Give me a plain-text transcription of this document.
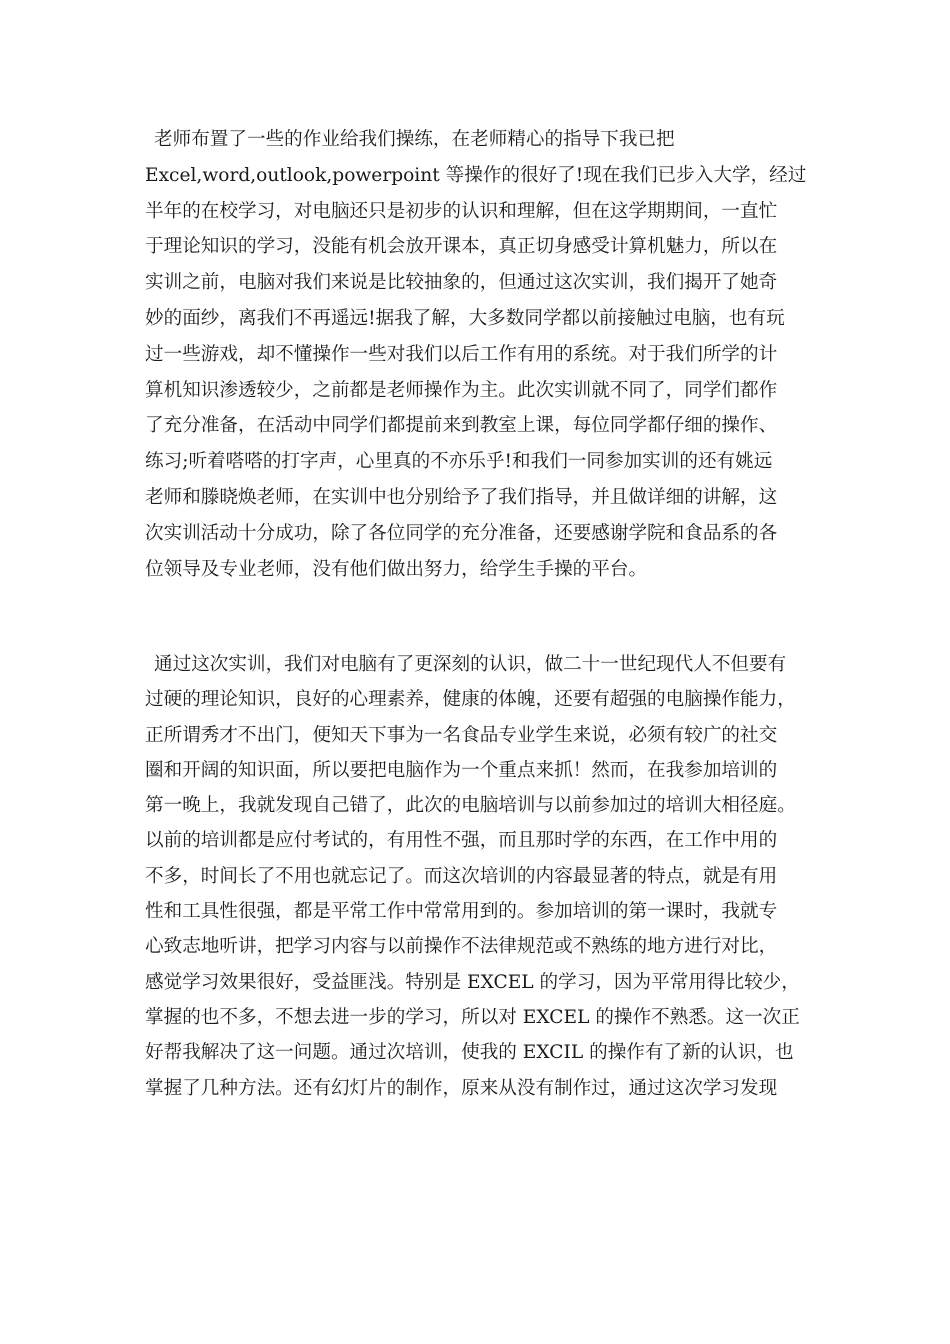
老师布置了一些的作业给我们操练，在老师精心的指导下我已把
Excel,word,outlook,powerpoint 等操作的很好了!现在我们已步入大学，经过
半年的在校学习，对电脑还只是初步的认识和理解，但在这学期期间，一直忙
于理论知识的学习，没能有机会放开课本，真正切身感受计算机魅力，所以在
实训之前，电脑对我们来说是比较抽象的，但通过这次实训，我们揭开了她奇
妙的面纱，离我们不再遥远!据我了解，大多数同学都以前接触过电脑，也有玩
过一些游戏，却不懂操作一些对我们以后工作有用的系统。对于我们所学的计
算机知识渗透较少，之前都是老师操作为主。此次实训就不同了，同学们都作
了充分准备，在活动中同学们都提前来到教室上课，每位同学都仔细的操作、
练习;听着嗒嗒的打字声，心里真的不亦乐乎!和我们一同参加实训的还有姚远
老师和滕晓焕老师，在实训中也分别给予了我们指导，并且做详细的讲解，这
次实训活动十分成功，除了各位同学的充分准备，还要感谢学院和食品系的各
位领导及专业老师，没有他们做出努力，给学生手操的平台。
通过这次实训，我们对电脑有了更深刻的认识，做二十一世纪现代人不但要有
过硬的理论知识，良好的心理素养，健康的体魄，还要有超强的电脑操作能力，
正所谓秀才不出门，便知天下事为一名食品专业学生来说，必须有较广的社交
圈和开阔的知识面，所以要把电脑作为一个重点来抓！然而，在我参加培训的
第一晚上，我就发现自己错了，此次的电脑培训与以前参加过的培训大相径庭。
以前的培训都是应付考试的，有用性不强，而且那时学的东西，在工作中用的
不多，时间长了不用也就忘记了。而这次培训的内容最显著的特点，就是有用
性和工具性很强，都是平常工作中常常用到的。参加培训的第一课时，我就专
心致志地听讲，把学习内容与以前操作不法律规范或不熟练的地方进行对比，
感觉学习效果很好，受益匪浅。特别是 EXCEL 的学习，因为平常用得比较少，
掌握的也不多，不想去进一步的学习，所以对 EXCEL 的操作不熟悉。这一次正
好帮我解决了这一问题。通过次培训，使我的 EXCIL 的操作有了新的认识，也
掌握了几种方法。还有幻灯片的制作，原来从没有制作过，通过这次学习发现
